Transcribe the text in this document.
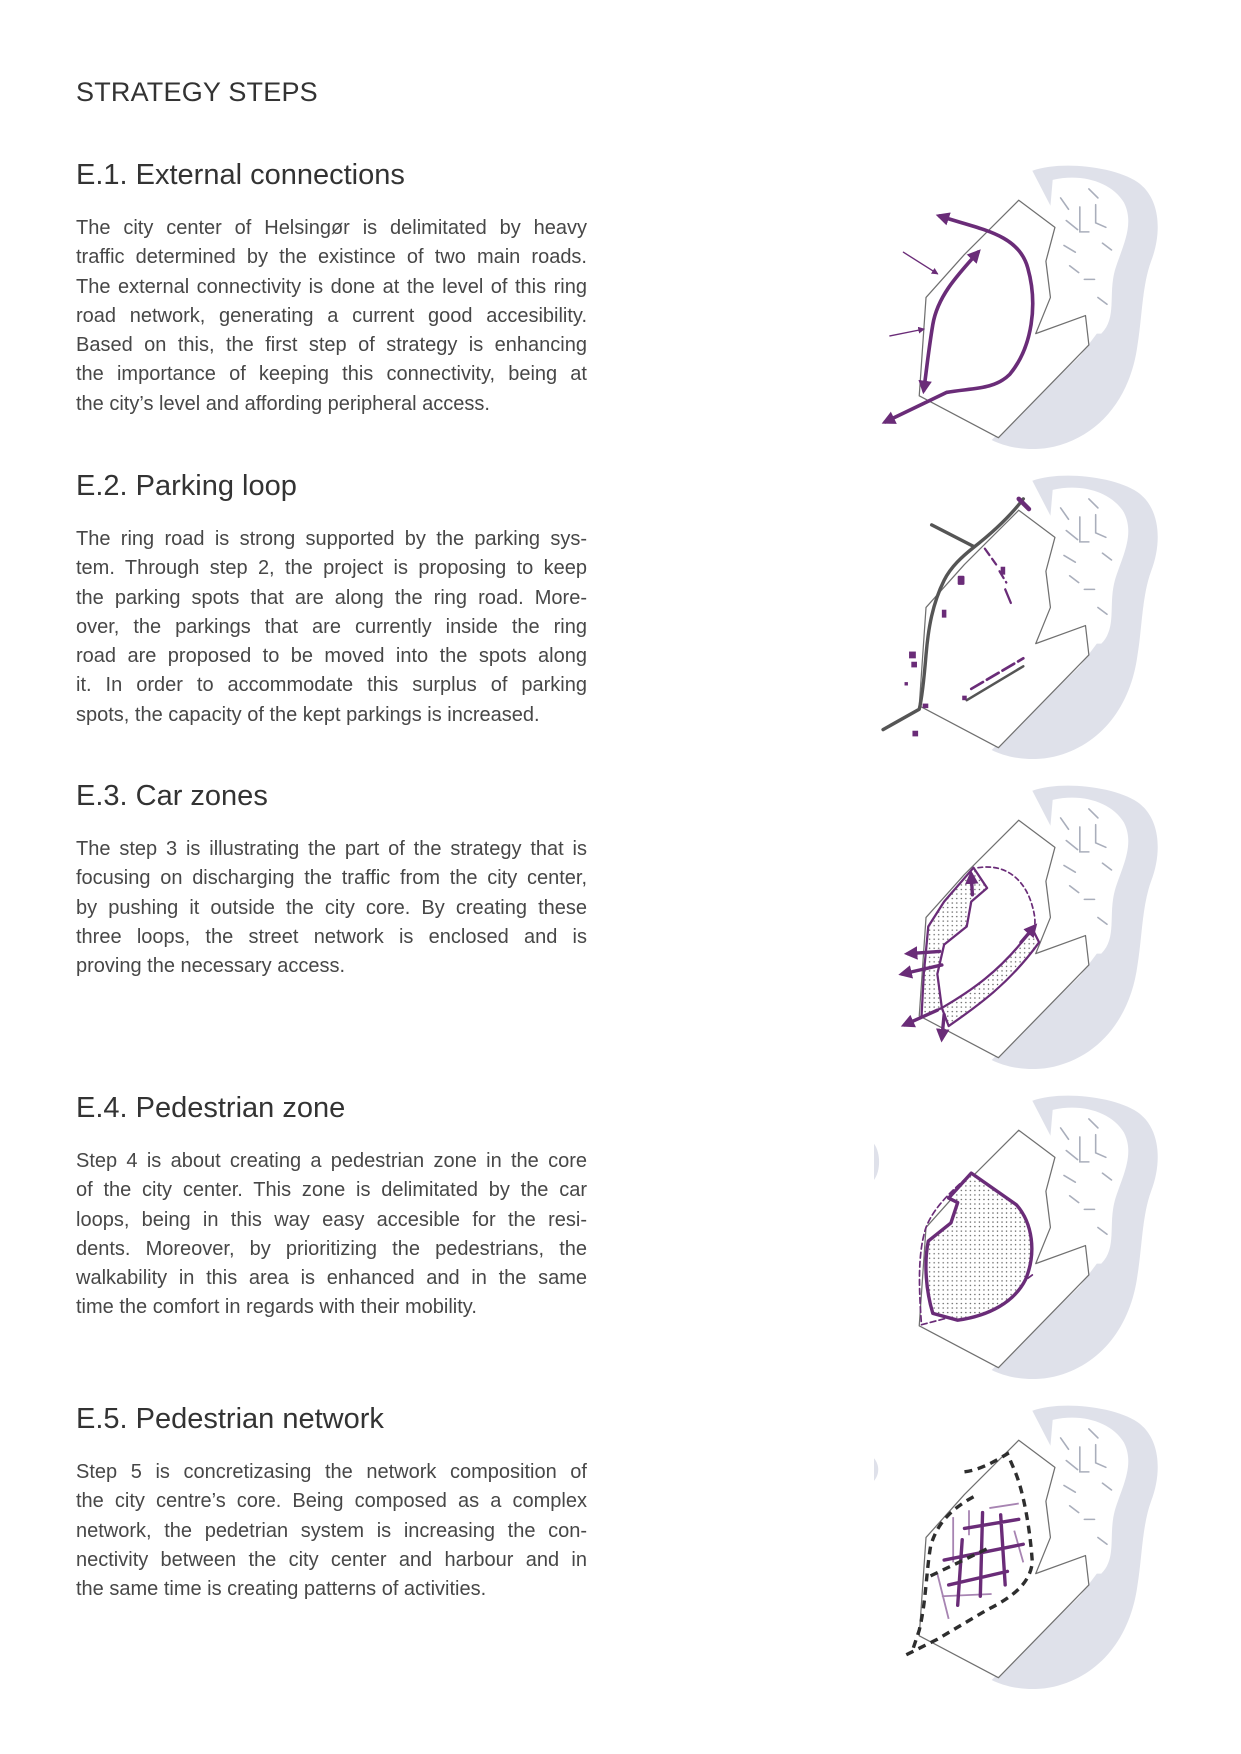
STRATEGY STEPS
E.1. External connections
The city center of Helsingør is delimitated by heavy
traffic determined by the existince of two main roads.
The external connectivity is done at the level of this ring
road network, generating a current good accesibility.
Based on this, the first step of strategy is enhancing
the importance of keeping this connectivity, being at
the city’s level and affording peripheral access.
E.2. Parking loop
The ring road is strong supported by the parking sys-
tem. Through step 2, the project is proposing to keep
the parking spots that are along the ring road. More-
over, the parkings that are currently inside the ring
road are proposed to be moved into the spots along
it. In order to accommodate this surplus of parking
spots, the capacity of the kept parkings is increased.
E.3. Car zones
The step 3 is illustrating the part of the strategy that is
focusing on discharging the traffic from the city center,
by pushing it outside the city core. By creating these
three loops, the street network is enclosed and is
proving the necessary access.
E.4. Pedestrian zone
Step 4 is about creating a pedestrian zone in the core
of the city center. This zone is delimitated by the car
loops, being in this way easy accesible for the resi-
dents. Moreover, by prioritizing the pedestrians, the
walkability in this area is enhanced and in the same
time the comfort in regards with their mobility.
E.5. Pedestrian network
Step 5 is concretizasing the network composition of
the city centre’s core. Being composed as a complex
network, the pedetrian system is increasing the con-
nectivity between the city center and harbour and in
the same time is creating patterns of activities.
